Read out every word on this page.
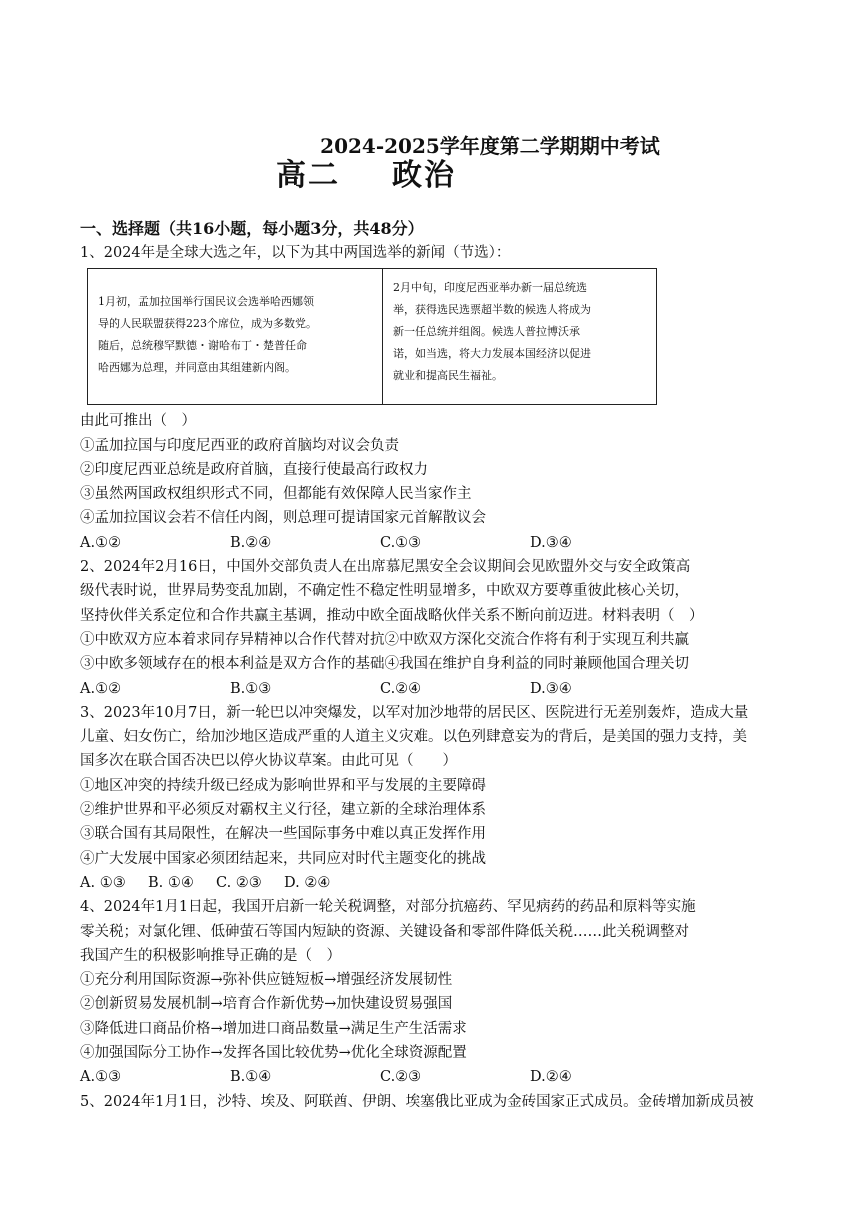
2024-2025学年度第二学期期中考试
高二 政治
一、选择题（共16小题，每小题3分，共48分）
1、2024年是全球大选之年，以下为其中两国选举的新闻（节选）：

1月初，孟加拉国举行国民议会选举哈西娜领

导的人民联盟获得223个席位，成为多数党。

随后，总统穆罕默德・谢哈布丁・楚普任命

哈西娜为总理，并同意由其组建新内阁。

2月中旬，印度尼西亚举办新一届总统选

举，获得选民选票超半数的候选人将成为

新一任总统并组阁。候选人普拉博沃承

诺，如当选，将大力发展本国经济以促进

就业和提高民生福祉。

由此可推出（　）
①孟加拉国与印度尼西亚的政府首脑均对议会负责
②印度尼西亚总统是政府首脑，直接行使最高行政权力
③虽然两国政权组织形式不同，但都能有效保障人民当家作主
④孟加拉国议会若不信任内阁，则总理可提请国家元首解散议会
A.①②	B.②④	C.①③	D.③④
2、2024年2月16日，中国外交部负责人在出席慕尼黑安全会议期间会见欧盟外交与安全政策高
级代表时说，世界局势变乱加剧，不确定性不稳定性明显增多，中欧双方要尊重彼此核心关切，
坚持伙伴关系定位和合作共赢主基调，推动中欧全面战略伙伴关系不断向前迈进。材料表明（　）
①中欧双方应本着求同存异精神以合作代替对抗②中欧双方深化交流合作将有利于实现互利共赢
③中欧多领域存在的根本利益是双方合作的基础④我国在维护自身利益的同时兼顾他国合理关切
A.①②	B.①③	C.②④	D.③④
3、2023年10月7日，新一轮巴以冲突爆发，以军对加沙地带的居民区、医院进行无差别轰炸，造成大量
儿童、妇女伤亡，给加沙地区造成严重的人道主义灾难。以色列肆意妄为的背后，是美国的强力支持，美
国多次在联合国否决巴以停火协议草案。由此可见（　　）
①地区冲突的持续升级已经成为影响世界和平与发展的主要障碍
②维护世界和平必须反对霸权主义行径，建立新的全球治理体系
③联合国有其局限性，在解决一些国际事务中难以真正发挥作用
④广大发展中国家必须团结起来，共同应对时代主题变化的挑战
A. ①③	B. ①④	C. ②③	D. ②④
4、2024年1月1日起，我国开启新一轮关税调整，对部分抗癌药、罕见病药的药品和原料等实施
零关税；对氯化锂、低砷萤石等国内短缺的资源、关键设备和零部件降低关税……此关税调整对
我国产生的积极影响推导正确的是（　）
①充分利用国际资源→弥补供应链短板→增强经济发展韧性
②创新贸易发展机制→培育合作新优势→加快建设贸易强国
③降低进口商品价格→增加进口商品数量→满足生产生活需求
④加强国际分工协作→发挥各国比较优势→优化全球资源配置
A.①③	B.①④	C.②③	D.②④
5、2024年1月1日，沙特、埃及、阿联酋、伊朗、埃塞俄比亚成为金砖国家正式成员。金砖增加新成员被
